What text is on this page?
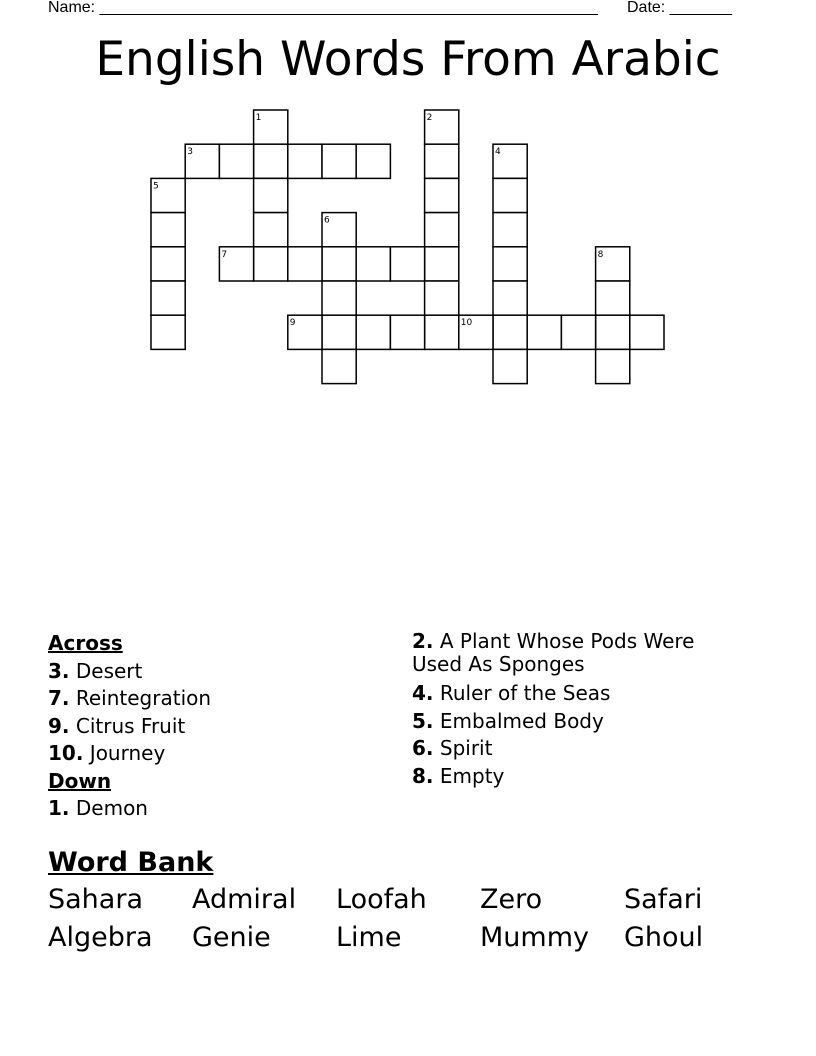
Name: ________________________________________________________ Date: _______
English Words From Arabic
1	2
3	4
5
6
7	8
9	10
Across
3. Desert
7. Reintegration
9. Citrus Fruit
10. Journey
Down
1. Demon
2. A Plant Whose Pods Were Used As Sponges
4. Ruler of the Seas
5. Embalmed Body
6. Spirit
8. Empty
Word Bank
Sahara Admiral Loofah Zero	Safari
Algebra Genie Lime	Mummy Ghoul
